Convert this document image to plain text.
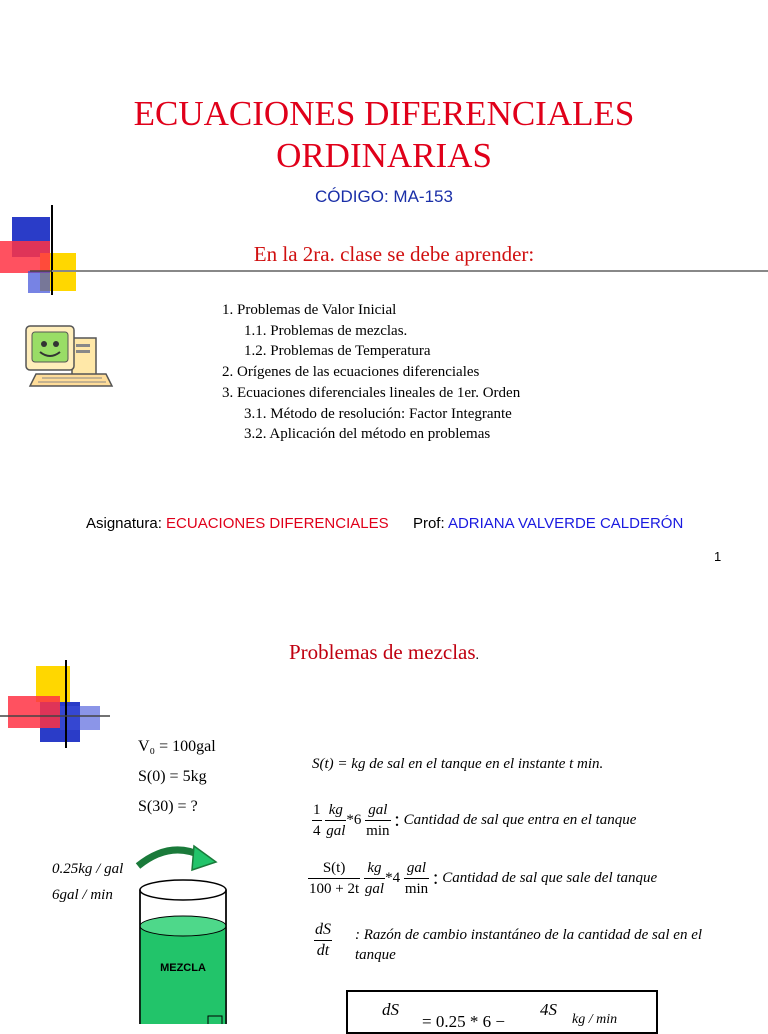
ECUACIONES DIFERENCIALES
ORDINARIAS
CÓDIGO: MA-153
En la 2ra. clase se debe aprender:
1. Problemas de Valor Inicial
1.1. Problemas de mezclas.
1.2. Problemas de Temperatura
2. Orígenes de las ecuaciones diferenciales
3. Ecuaciones diferenciales lineales de 1er. Orden
3.1. Método de resolución: Factor Integrante
3.2. Aplicación del método en problemas
Asignatura: ECUACIONES DIFERENCIALES Prof: ADRIANA VALVERDE CALDERÓN
1
Problemas de mezclas.
V₀ = 100gal
S(0) = 5kg
S(30) = ?
S(t) = kg de sal en el tanque en el instante t min.
$\frac{1}{4}$
$\frac{kg}{\text{gal}} *6 \frac{\text{gal}}{\min}$ : Cantidad de sal que entra en el tanque
$\frac{S(t)}{100 + 2t}$
$\frac{kg}{\text{gal}} *4 \frac{\text{gal}}{\min}$ : Cantidad de sal que sale del tanque
$\frac{dS}{dt}$ : Razón de cambio instantáneo de la cantidad de sal en el tanque
0.25kg / gal
6gal / min
MEZCLA
dS
= 0.25 * 6 −
4S
kg / min
